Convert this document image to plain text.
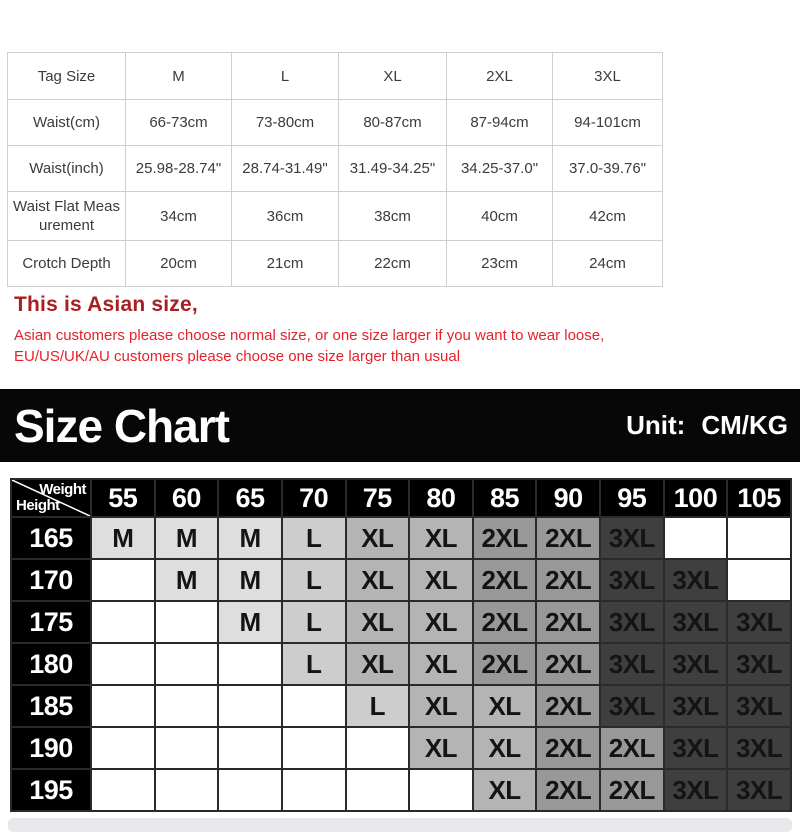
Tag Size	M	L	XL	2XL	3XL
Waist(cm)	66-73cm	73-80cm	80-87cm	87-94cm	94-101cm
Waist(inch)	25.98-28.74"	28.74-31.49"	31.49-34.25"	34.25-37.0"	37.0-39.76"
Waist Flat Measurement	34cm	36cm	38cm	40cm	42cm
Crotch Depth	20cm	21cm	22cm	23cm	24cm
This is Asian size,
Asian customers please choose normal size, or one size larger if you want to wear loose,
EU/US/UK/AU customers please choose one size larger than usual
Size Chart	Unit: CM/KG
Weight
Height	55	60	65	70	75	80	85	90	95	100	105
165	M	M	M	L	XL	XL	2XL	2XL	3XL		
170		M	M	L	XL	XL	2XL	2XL	3XL	3XL	
175			M	L	XL	XL	2XL	2XL	3XL	3XL	3XL
180				L	XL	XL	2XL	2XL	3XL	3XL	3XL
185					L	XL	XL	2XL	3XL	3XL	3XL
190						XL	XL	2XL	2XL	3XL	3XL
195							XL	2XL	2XL	3XL	3XL
